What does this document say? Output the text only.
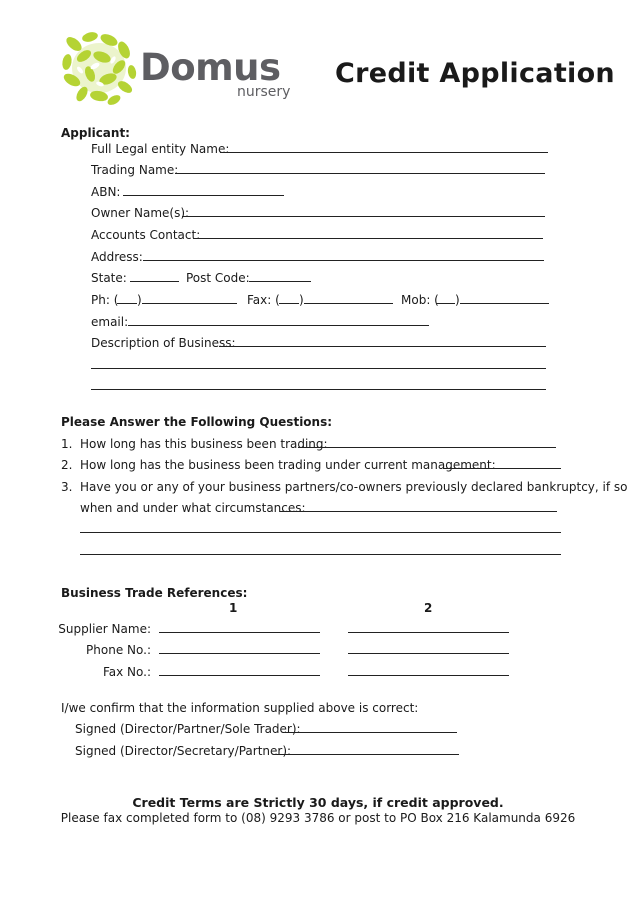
Domus
nursery
Credit Application
Applicant:
Full Legal entity Name:
Trading Name:
ABN:
Owner Name(s):
Accounts Contact:
Address:
State:	Post Code:
Ph: ( )	Fax: ( )	Mob: ( )
email:
Description of Business:
Please Answer the Following Questions:
1. How long has this business been trading:
2. How long has the business been trading under current management:
3. Have you or any of your business partners/co-owners previously declared bankruptcy, if so
when and under what circumstances:
Business Trade References:
1	2
Supplier Name:
Phone No.:
Fax No.:
I/we confirm that the information supplied above is correct:
Signed (Director/Partner/Sole Trader):
Signed (Director/Secretary/Partner):
Credit Terms are Strictly 30 days, if credit approved.
Please fax completed form to (08) 9293 3786 or post to PO Box 216 Kalamunda 6926
